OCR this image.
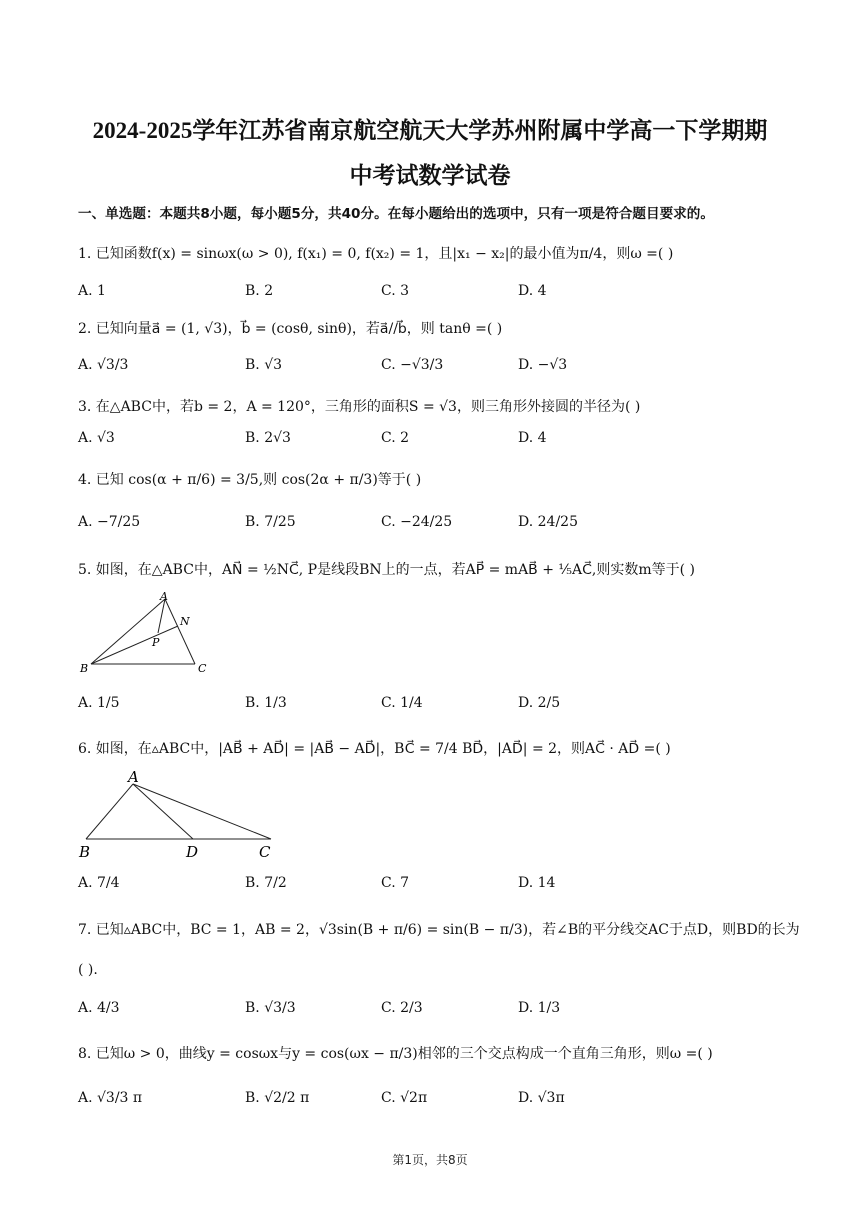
2024-2025学年江苏省南京航空航天大学苏州附属中学高一下学期期
中考试数学试卷
一、单选题：本题共8小题，每小题5分，共40分。在每小题给出的选项中，只有一项是符合题目要求的。
1. 已知函数f(x) = sinωx(ω > 0), f(x₁) = 0, f(x₂) = 1，且|x₁ − x₂|的最小值为π/4，则ω =( )
A. 1	B. 2	C. 3	D. 4
2. 已知向量a⃗ = (1, √3)，b⃗ = (cosθ, sinθ)，若a⃗//b⃗，则 tanθ =( )
A. √3/3	B. √3	C. −√3/3	D. −√3
3. 在△ABC中，若b = 2，A = 120°，三角形的面积S = √3，则三角形外接圆的半径为( )
A. √3	B. 2√3	C. 2	D. 4
4. 已知 cos(α + π/6) = 3/5,则 cos(2α + π/3)等于( )
A. −7/25	B. 7/25	C. −24/25	D. 24/25
5. 如图，在△ABC中，AN⃗ = ½NC⃗, P是线段BN上的一点，若AP⃗ = mAB⃗ + ⅕AC⃗,则实数m等于( )
A
N
P
B	C
A. 1/5	B. 1/3	C. 1/4	D. 2/5
6. 如图，在▵ABC中，|AB⃗ + AD⃗| = |AB⃗ − AD⃗|，BC⃗ = 7/4 BD⃗，|AD⃗| = 2，则AC⃗ · AD⃗ =( )
A
B	D	C
A. 7/4	B. 7/2	C. 7	D. 14
7. 已知▵ABC中，BC = 1，AB = 2，√3sin(B + π/6) = sin(B − π/3)，若∠B的平分线交AC于点D，则BD的长为
( ).
A. 4/3	B. √3/3	C. 2/3	D. 1/3
8. 已知ω > 0，曲线y = cosωx与y = cos(ωx − π/3)相邻的三个交点构成一个直角三角形，则ω =( )
A. √3/3 π	B. √2/2 π	C. √2π	D. √3π
第1页，共8页
